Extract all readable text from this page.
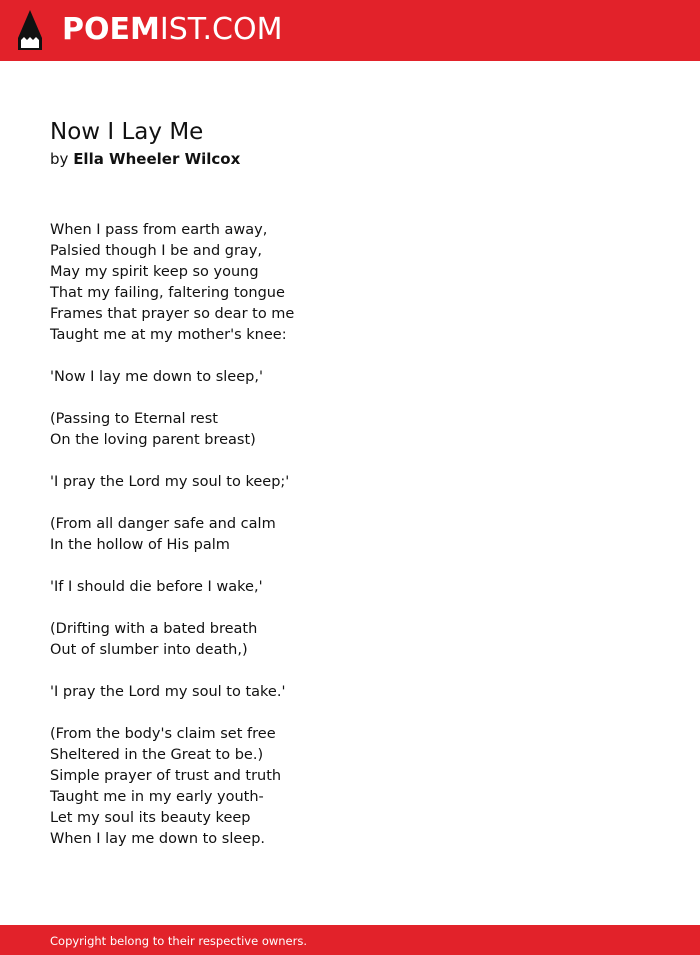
POEMIST.COM
Now I Lay Me
by Ella Wheeler Wilcox
When I pass from earth away,
Palsied though I be and gray,
May my spirit keep so young
That my failing, faltering tongue
Frames that prayer so dear to me
Taught me at my mother's knee:
'Now I lay me down to sleep,'
(Passing to Eternal rest
On the loving parent breast)
'I pray the Lord my soul to keep;'
(From all danger safe and calm
In the hollow of His palm
'If I should die before I wake,'
(Drifting with a bated breath
Out of slumber into death,)
'I pray the Lord my soul to take.'
(From the body's claim set free
Sheltered in the Great to be.)
Simple prayer of trust and truth
Taught me in my early youth-
Let my soul its beauty keep
When I lay me down to sleep.
Copyright belong to their respective owners.
